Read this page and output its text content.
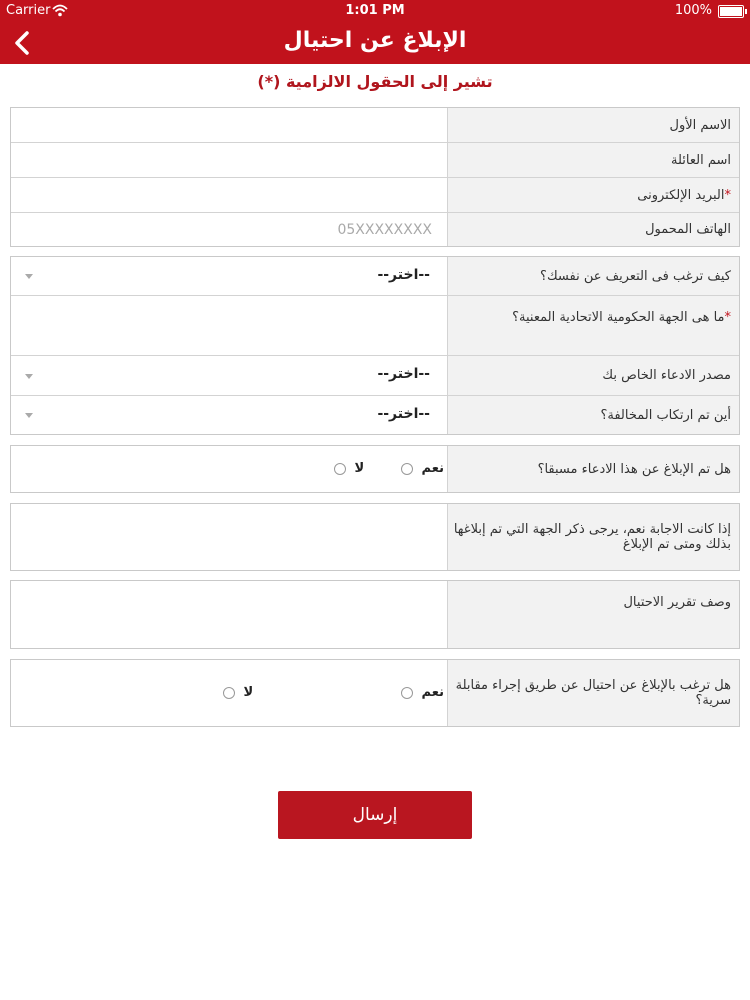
Carrier	1:01 PM	100%
الإبلاغ عن احتيال
(*) تشير إلى الحقول الالزامية
الاسم الأول
اسم العائلة
*
البريد الإلكترونى
الهاتف المحمول
05XXXXXXXX
كيف ترغب فى التعريف عن نفسك؟
--اختر--
*ما هى الجهة الحكومية الاتحادية المعنية؟
مصدر الادعاء الخاص بك
--اختر--
أين تم ارتكاب المخالفة؟
--اختر--
هل تم الإبلاغ عن هذا الادعاء مسبقا؟
نعم
لا
إذا كانت الاجابة نعم، يرجى ذكر الجهة التي تم إبلاغها بذلك ومتى تم الإبلاغ
وصف تقرير الاحتيال
هل ترغب بالإبلاغ عن احتيال عن طريق إجراء مقابلة سرية؟
نعم
لا
إرسال
